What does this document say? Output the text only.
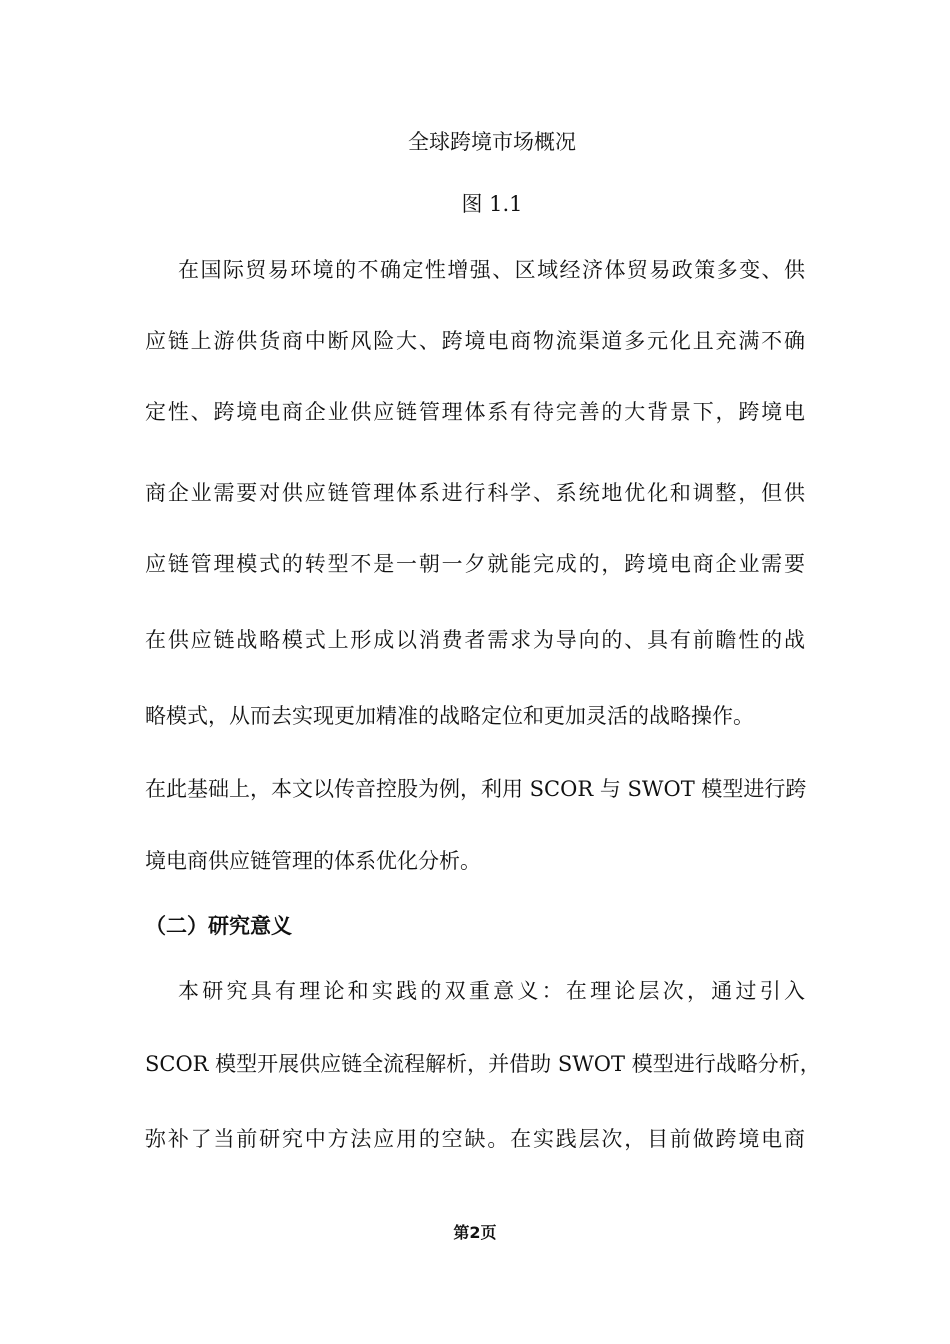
全球跨境市场概况
图 1.1
在国际贸易环境的不确定性增强、区域经济体贸易政策多变、供
应链上游供货商中断风险大、跨境电商物流渠道多元化且充满不确
定性、跨境电商企业供应链管理体系有待完善的大背景下，跨境电
商企业需要对供应链管理体系进行科学、系统地优化和调整，但供
应链管理模式的转型不是一朝一夕就能完成的，跨境电商企业需要
在供应链战略模式上形成以消费者需求为导向的、具有前瞻性的战
略模式，从而去实现更加精准的战略定位和更加灵活的战略操作。
在此基础上，本文以传音控股为例，利用 SCOR 与 SWOT 模型进行跨
境电商供应链管理的体系优化分析。
（二）研究意义
本研究具有理论和实践的双重意义：在理论层次，通过引入
SCOR 模型开展供应链全流程解析，并借助 SWOT 模型进行战略分析，
弥补了当前研究中方法应用的空缺。在实践层次，目前做跨境电商
第2页
